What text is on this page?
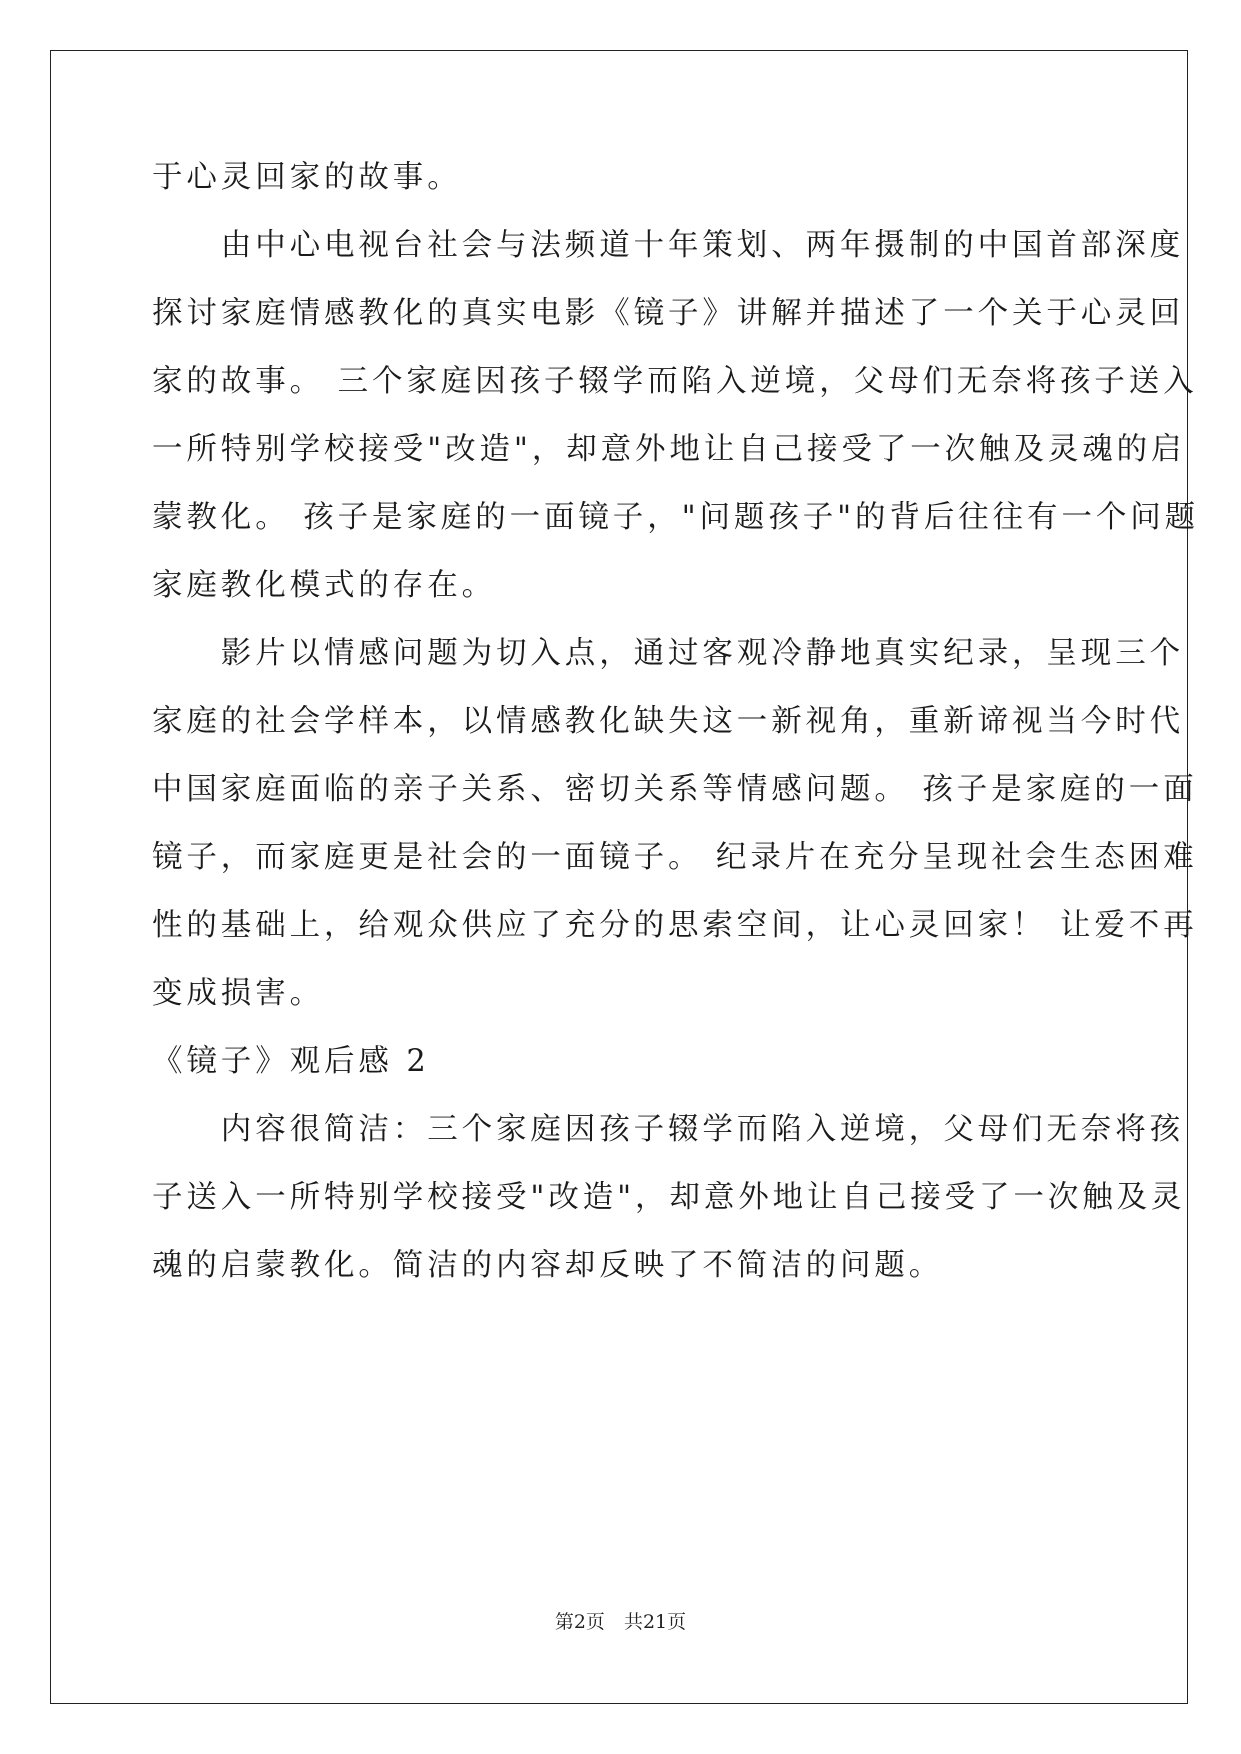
于心灵回家的故事。
　　由中心电视台社会与法频道十年策划、两年摄制的中国首部深度
探讨家庭情感教化的真实电影《镜子》讲解并描述了一个关于心灵回
家的故事。 三个家庭因孩子辍学而陷入逆境，父母们无奈将孩子送入
一所特别学校接受"改造"，却意外地让自己接受了一次触及灵魂的启
蒙教化。 孩子是家庭的一面镜子，"问题孩子"的背后往往有一个问题
家庭教化模式的存在。
　　影片以情感问题为切入点，通过客观冷静地真实纪录，呈现三个
家庭的社会学样本，以情感教化缺失这一新视角，重新谛视当今时代
中国家庭面临的亲子关系、密切关系等情感问题。 孩子是家庭的一面
镜子，而家庭更是社会的一面镜子。 纪录片在充分呈现社会生态困难
性的基础上，给观众供应了充分的思索空间，让心灵回家！ 让爱不再
变成损害。
《镜子》观后感 2
　　内容很简洁：三个家庭因孩子辍学而陷入逆境，父母们无奈将孩
子送入一所特别学校接受"改造"，却意外地让自己接受了一次触及灵
魂的启蒙教化。简洁的内容却反映了不简洁的问题。
第2页　 共21页
